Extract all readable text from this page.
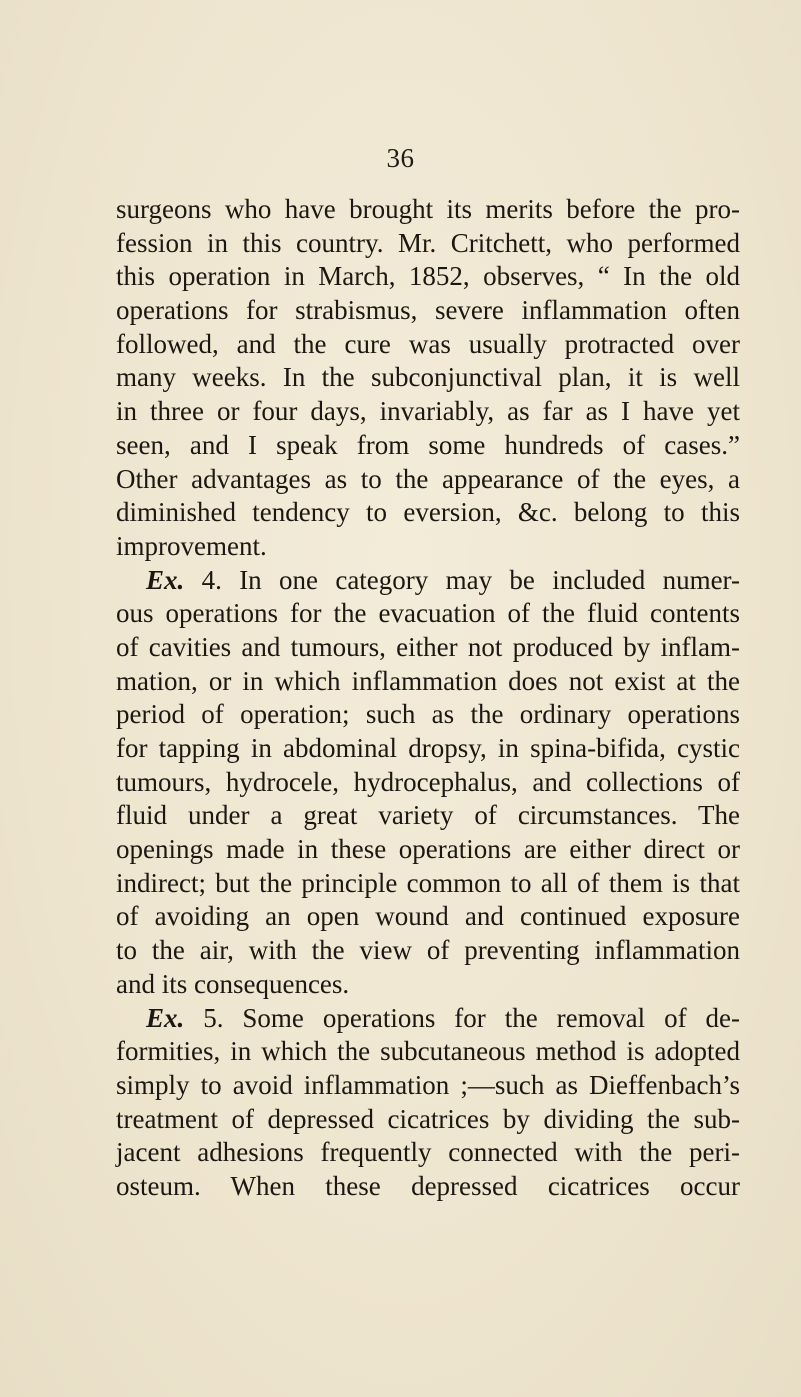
36
surgeons who have brought its merits before the pro-
fession in this country. Mr. Critchett, who performed
this operation in March, 1852, observes, “ In the old
operations for strabismus, severe inflammation often
followed, and the cure was usually protracted over
many weeks. In the subconjunctival plan, it is well
in three or four days, invariably, as far as I have yet
seen, and I speak from some hundreds of cases.”
Other advantages as to the appearance of the eyes, a
diminished tendency to eversion, &c. belong to this
improvement.
Ex. 4. In one category may be included numer-
ous operations for the evacuation of the fluid contents
of cavities and tumours, either not produced by inflam-
mation, or in which inflammation does not exist at the
period of operation; such as the ordinary operations
for tapping in abdominal dropsy, in spina-bifida, cystic
tumours, hydrocele, hydrocephalus, and collections of
fluid under a great variety of circumstances. The
openings made in these operations are either direct or
indirect; but the principle common to all of them is that
of avoiding an open wound and continued exposure
to the air, with the view of preventing inflammation
and its consequences.
Ex. 5. Some operations for the removal of de-
formities, in which the subcutaneous method is adopted
simply to avoid inflammation ;—such as Dieffenbach’s
treatment of depressed cicatrices by dividing the sub-
jacent adhesions frequently connected with the peri-
osteum. When these depressed cicatrices occur
